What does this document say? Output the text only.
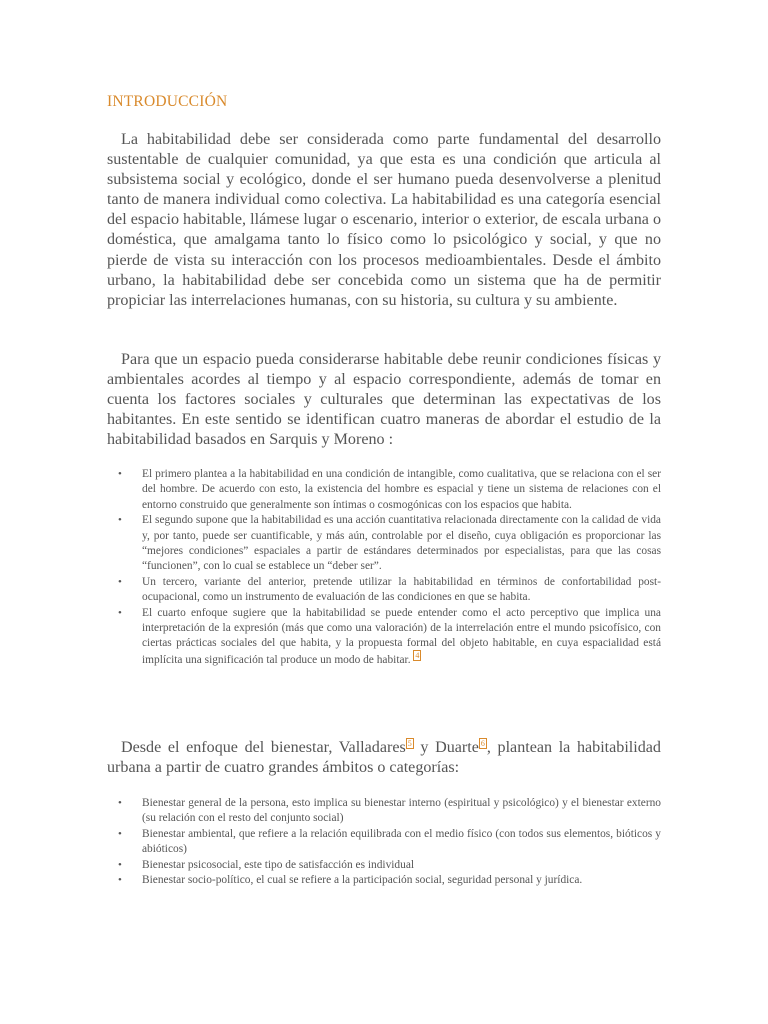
INTRODUCCIÓN

La habitabilidad debe ser considerada como parte fundamental del desarrollo sustentable de cualquier comunidad, ya que esta es una condición que articula al subsistema social y ecológico, donde el ser humano pueda desenvolverse a plenitud tanto de manera individual como colectiva. La habitabilidad es una categoría esencial del espacio habitable, llámese lugar o escenario, interior o exterior, de escala urbana o doméstica, que amalgama tanto lo físico como lo psicológico y social, y que no pierde de vista su interacción con los procesos medioambientales. Desde el ámbito urbano, la habitabilidad debe ser concebida como un sistema que ha de permitir propiciar las interrelaciones humanas, con su historia, su cultura y su ambiente.

Para que un espacio pueda considerarse habitable debe reunir condiciones físicas y ambientales acordes al tiempo y al espacio correspondiente, además de tomar en cuenta los factores sociales y culturales que determinan las expectativas de los habitantes. En este sentido se identifican cuatro maneras de abordar el estudio de la habitabilidad basados en Sarquis y Moreno :

• El primero plantea a la habitabilidad en una condición de intangible, como cualitativa, que se relaciona con el ser del hombre. De acuerdo con esto, la existencia del hombre es espacial y tiene un sistema de relaciones con el entorno construido que generalmente son íntimas o cosmogónicas con los espacios que habita.
• El segundo supone que la habitabilidad es una acción cuantitativa relacionada directamente con la calidad de vida y, por tanto, puede ser cuantificable, y más aún, controlable por el diseño, cuya obligación es proporcionar las “mejores condiciones” espaciales a partir de estándares determinados por especialistas, para que las cosas “funcionen”, con lo cual se establece un “deber ser”.
• Un tercero, variante del anterior, pretende utilizar la habitabilidad en términos de confortabilidad post-ocupacional, como un instrumento de evaluación de las condiciones en que se habita.
• El cuarto enfoque sugiere que la habitabilidad se puede entender como el acto perceptivo que implica una interpretación de la expresión (más que como una valoración) de la interrelación entre el mundo psicofísico, con ciertas prácticas sociales del que habita, y la propuesta formal del objeto habitable, en cuya espacialidad está implícita una significación tal produce un modo de habitar. $^4$

Desde el enfoque del bienestar, Valladares $^5$ y Duarte $^6$ , plantean la habitabilidad urbana a partir de cuatro grandes ámbitos o categorías:

• Bienestar general de la persona, esto implica su bienestar interno (espiritual y psicológico) y el bienestar externo (su relación con el resto del conjunto social)
• Bienestar ambiental, que refiere a la relación equilibrada con el medio físico (con todos sus elementos, bióticos y abióticos)
• Bienestar psicosocial, este tipo de satisfacción es individual
• Bienestar socio-político, el cual se refiere a la participación social, seguridad personal y jurídica.
